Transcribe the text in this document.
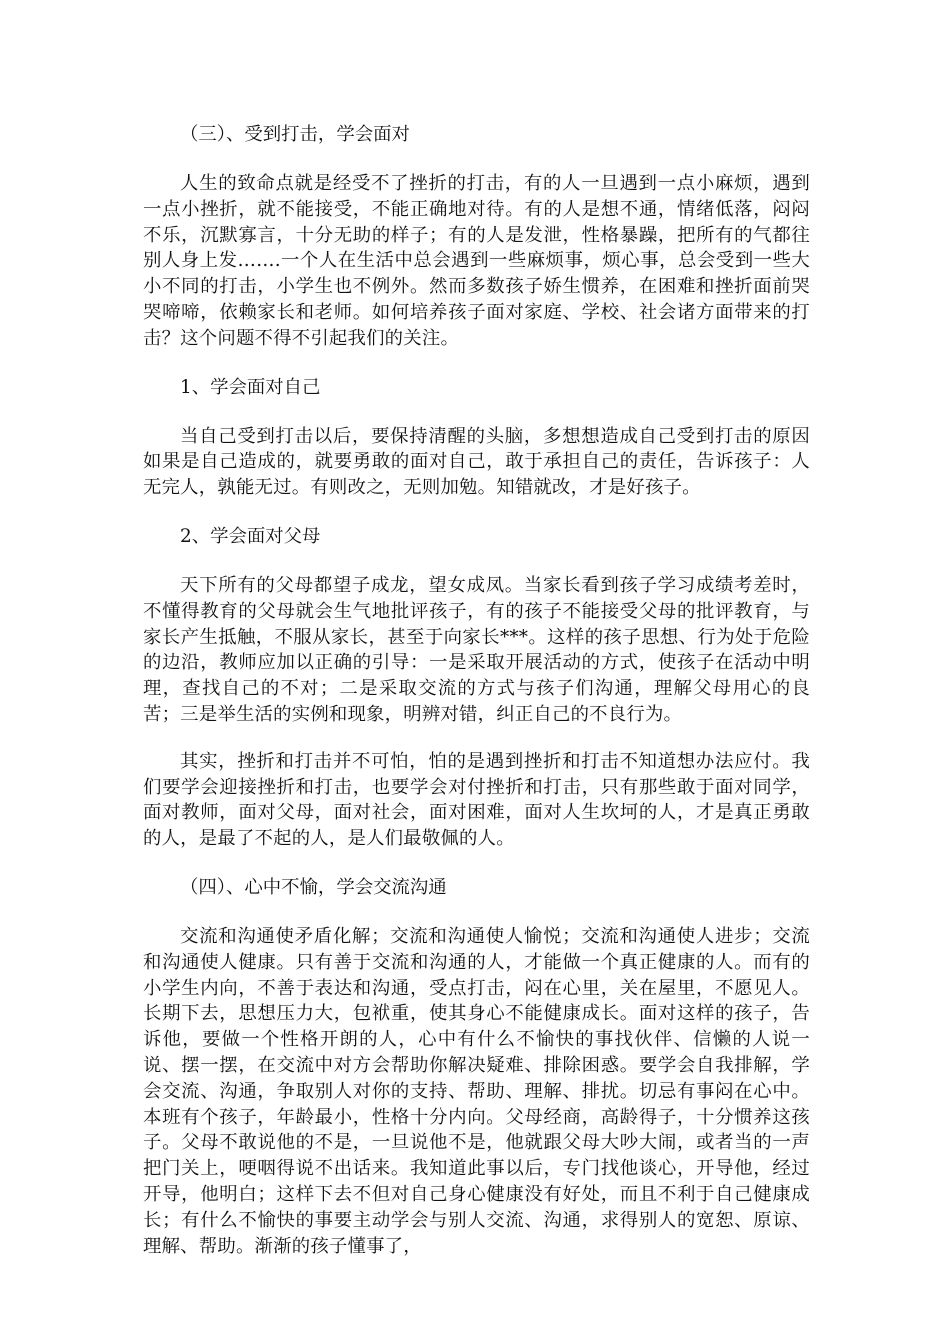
（三）、受到打击，学会面对
人生的致命点就是经受不了挫折的打击，有的人一旦遇到一点小麻烦，遇到一点小挫折，就不能接受，不能正确地对待。有的人是想不通，情绪低落，闷闷不乐，沉默寡言，十分无助的样子；有的人是发泄，性格暴躁，把所有的气都往别人身上发…….一个人在生活中总会遇到一些麻烦事，烦心事，总会受到一些大小不同的打击，小学生也不例外。然而多数孩子娇生惯养，在困难和挫折面前哭哭啼啼，依赖家长和老师。如何培养孩子面对家庭、学校、社会诸方面带来的打击？这个问题不得不引起我们的关注。
1、学会面对自己
当自己受到打击以后，要保持清醒的头脑，多想想造成自己受到打击的原因如果是自己造成的，就要勇敢的面对自己，敢于承担自己的责任，告诉孩子：人无完人，孰能无过。有则改之，无则加勉。知错就改，才是好孩子。
2、学会面对父母
天下所有的父母都望子成龙，望女成凤。当家长看到孩子学习成绩考差时，不懂得教育的父母就会生气地批评孩子，有的孩子不能接受父母的批评教育，与家长产生抵触，不服从家长，甚至于向家长***。这样的孩子思想、行为处于危险的边沿，教师应加以正确的引导：一是采取开展活动的方式，使孩子在活动中明理，查找自己的不对；二是采取交流的方式与孩子们沟通，理解父母用心的良苦；三是举生活的实例和现象，明辨对错，纠正自己的不良行为。
其实，挫折和打击并不可怕，怕的是遇到挫折和打击不知道想办法应付。我们要学会迎接挫折和打击，也要学会对付挫折和打击，只有那些敢于面对同学，面对教师，面对父母，面对社会，面对困难，面对人生坎坷的人，才是真正勇敢的人，是最了不起的人，是人们最敬佩的人。
（四）、心中不愉，学会交流沟通
交流和沟通使矛盾化解；交流和沟通使人愉悦；交流和沟通使人进步；交流和沟通使人健康。只有善于交流和沟通的人，才能做一个真正健康的人。而有的小学生内向，不善于表达和沟通，受点打击，闷在心里，关在屋里，不愿见人。长期下去，思想压力大，包袱重，使其身心不能健康成长。面对这样的孩子，告诉他，要做一个性格开朗的人，心中有什么不愉快的事找伙伴、信懒的人说一说、摆一摆，在交流中对方会帮助你解决疑难、排除困惑。要学会自我排解，学会交流、沟通，争取别人对你的支持、帮助、理解、排扰。切忌有事闷在心中。本班有个孩子，年龄最小，性格十分内向。父母经商，高龄得子，十分惯养这孩子。父母不敢说他的不是，一旦说他不是，他就跟父母大吵大闹，或者当的一声把门关上，哽咽得说不出话来。我知道此事以后，专门找他谈心，开导他，经过开导，他明白；这样下去不但对自己身心健康没有好处，而且不利于自己健康成长；有什么不愉快的事要主动学会与别人交流、沟通，求得别人的宽恕、原谅、理解、帮助。渐渐的孩子懂事了，
